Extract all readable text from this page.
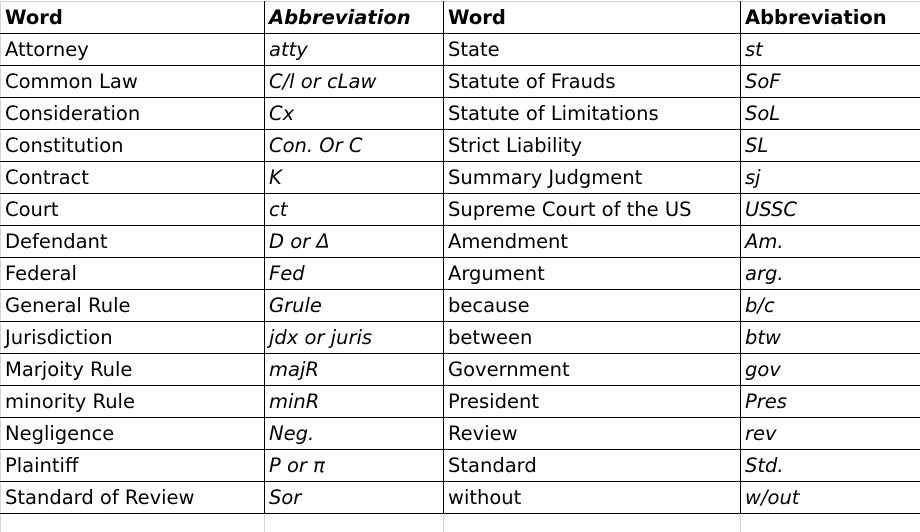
Word	Abbreviation	Word	Abbreviation
Attorney	atty	State	st
Common Law	C/l or cLaw	Statute of Frauds	SoF
Consideration	Cx	Statute of Limitations	SoL
Constitution	Con. Or C	Strict Liability	SL
Contract	K	Summary Judgment	sj
Court	ct	Supreme Court of the US	USSC
Defendant	D or Δ	Amendment	Am.
Federal	Fed	Argument	arg.
General Rule	Grule	because	b/c
Jurisdiction	jdx or juris	between	btw
Marjoity Rule	majR	Government	gov
minority Rule	minR	President	Pres
Negligence	Neg.	Review	rev
Plaintiff	P or π	Standard	Std.
Standard of Review	Sor	without	w/out
